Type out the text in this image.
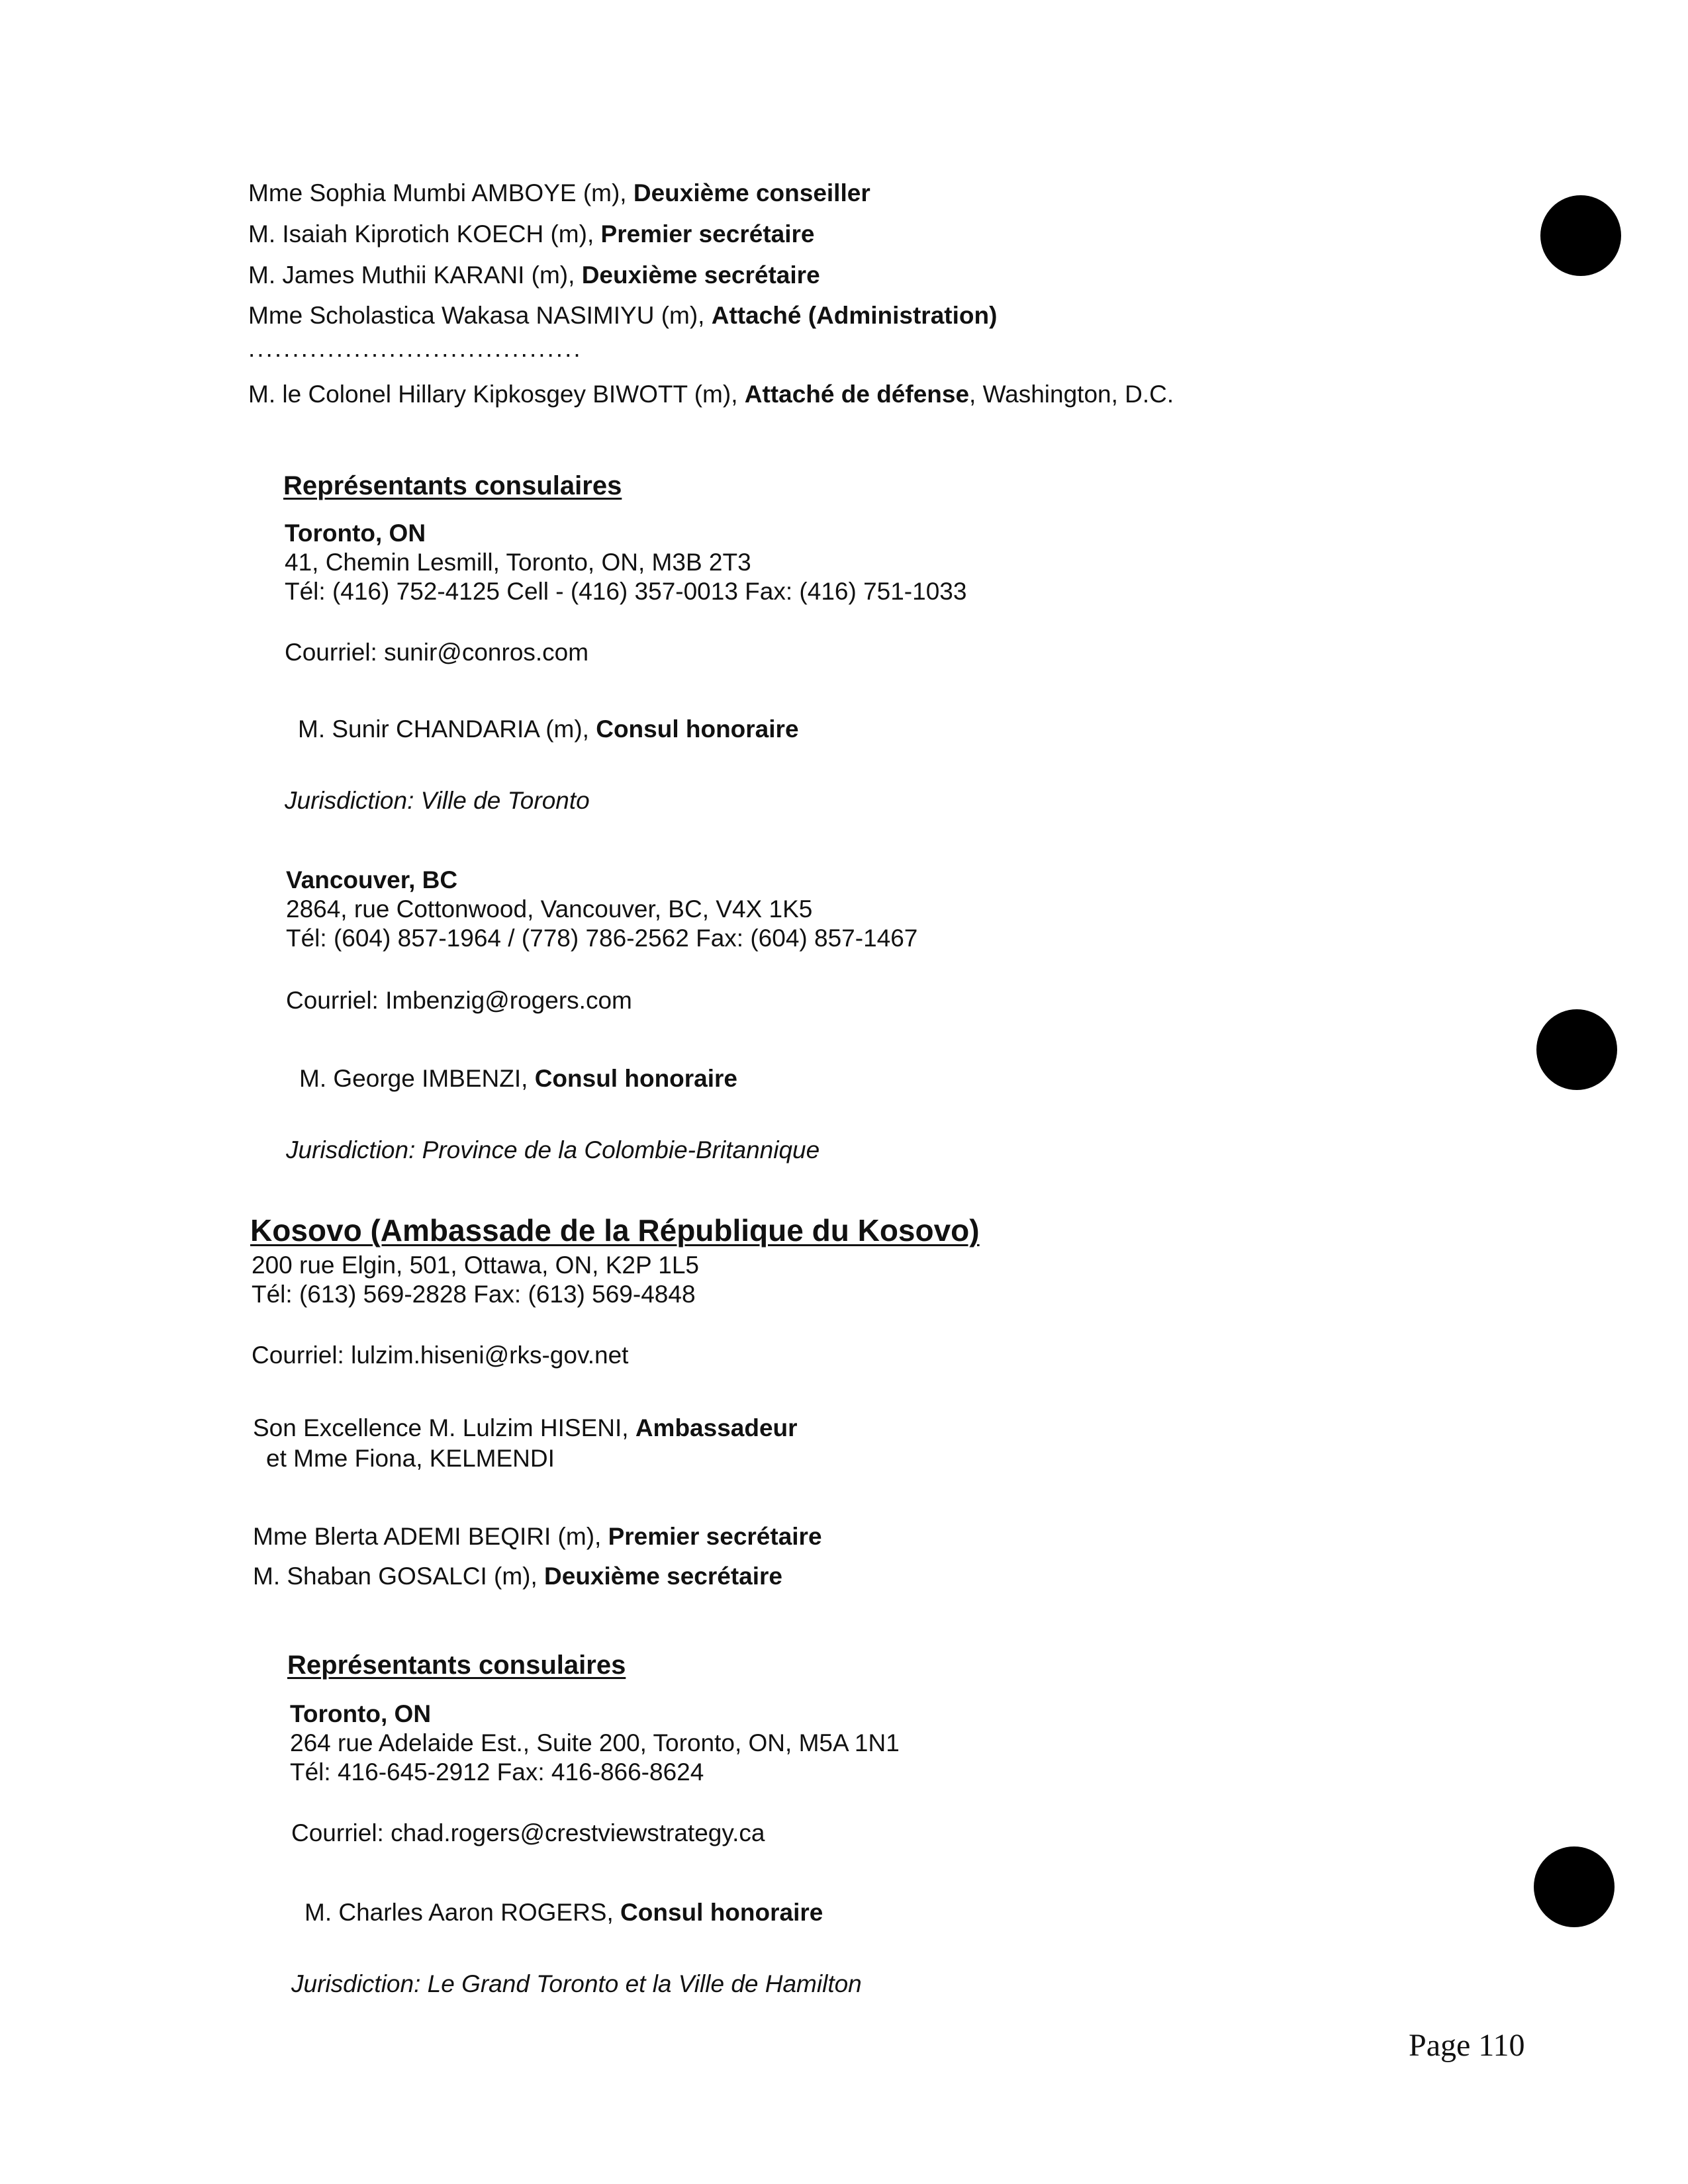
Mme Sophia Mumbi AMBOYE (m), Deuxième conseiller
M. Isaiah Kiprotich KOECH (m), Premier secrétaire
M. James Muthii KARANI (m), Deuxième secrétaire
Mme Scholastica Wakasa NASIMIYU (m), Attaché (Administration)
......................................
M. le Colonel Hillary Kipkosgey BIWOTT (m), Attaché de défense, Washington, D.C.
Représentants consulaires
Toronto, ON
41, Chemin Lesmill, Toronto, ON, M3B 2T3
Tél: (416) 752-4125 Cell - (416) 357-0013 Fax: (416) 751-1033
Courriel: sunir@conros.com
M. Sunir CHANDARIA (m), Consul honoraire
Jurisdiction: Ville de Toronto
Vancouver, BC
2864, rue Cottonwood, Vancouver, BC, V4X 1K5
Tél: (604) 857-1964 / (778) 786-2562 Fax: (604) 857-1467
Courriel: Imbenzig@rogers.com
M. George IMBENZI, Consul honoraire
Jurisdiction: Province de la Colombie-Britannique
Kosovo (Ambassade de la République du Kosovo)
200 rue Elgin, 501, Ottawa, ON, K2P 1L5
Tél: (613) 569-2828 Fax: (613) 569-4848
Courriel: lulzim.hiseni@rks-gov.net
Son Excellence M. Lulzim HISENI, Ambassadeur
et Mme Fiona, KELMENDI
Mme Blerta ADEMI BEQIRI (m), Premier secrétaire
M. Shaban GOSALCI (m), Deuxième secrétaire
Représentants consulaires
Toronto, ON
264 rue Adelaide Est., Suite 200, Toronto, ON, M5A 1N1
Tél: 416-645-2912 Fax: 416-866-8624
Courriel: chad.rogers@crestviewstrategy.ca
M. Charles Aaron ROGERS, Consul honoraire
Jurisdiction: Le Grand Toronto et la Ville de Hamilton
Page 110
